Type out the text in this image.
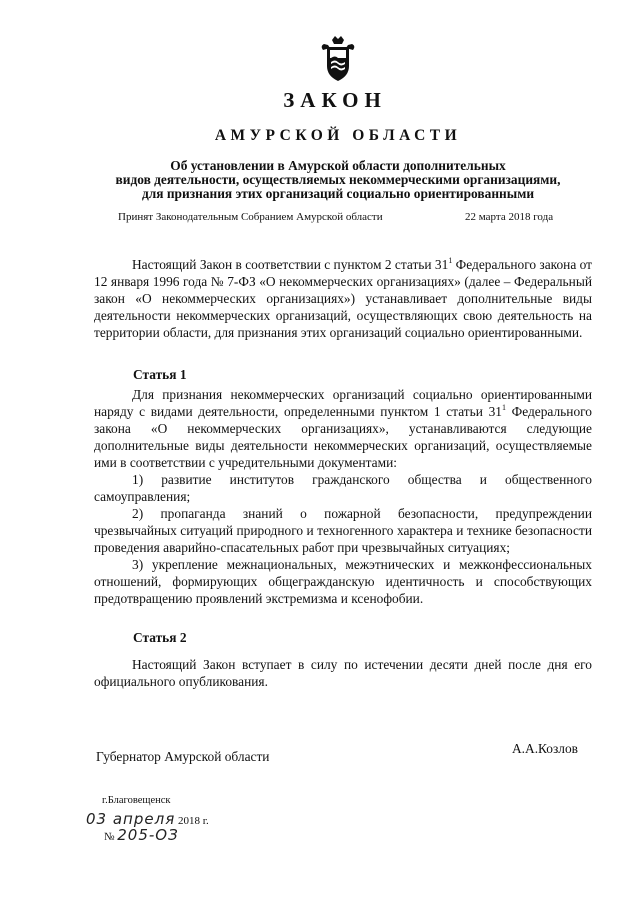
ЗАКОН
АМУРСКОЙ ОБЛАСТИ
Об установлении в Амурской области дополнительных
видов деятельности, осуществляемых некоммерческими организациями,
для признания этих организаций социально ориентированными
Принят Законодательным Собранием Амурской области	22 марта 2018 года

Настоящий Закон в соответствии с пунктом 2 статьи $31^1$ Федерального закона от 12 января 1996 года № 7-ФЗ «О некоммерческих организациях» (далее – Федеральный закон «О некоммерческих организациях») устанавливает дополнительные виды деятельности некоммерческих организаций, осуществляющих свою деятельность на территории области, для признания этих организаций социально ориентированными.

Статья 1

Для признания некоммерческих организаций социально ориентированными наряду с видами деятельности, определенными пунктом 1 статьи $31^1$ Федерального закона «О некоммерческих организациях», устанавливаются следующие дополнительные виды деятельности некоммерческих организаций, осуществляемые ими в соответствии с учредительными документами:

1) развитие институтов гражданского общества и общественного самоуправления;

2) пропаганда знаний о пожарной безопасности, предупреждении чрезвычайных ситуаций природного и техногенного характера и технике безопасности проведения аварийно-спасательных работ при чрезвычайных ситуациях;

3) укрепление межнациональных, межэтнических и межконфессиональных отношений, формирующих общегражданскую идентичность и способствующих предотвращению проявлений экстремизма и ксенофобии.

Статья 2

Настоящий Закон вступает в силу по истечении десяти дней после дня его официального опубликования.

Губернатор Амурской области
А.А.Козлов
г.Благовещенск
03 апреля 2018 г.
№ 205-ОЗ
